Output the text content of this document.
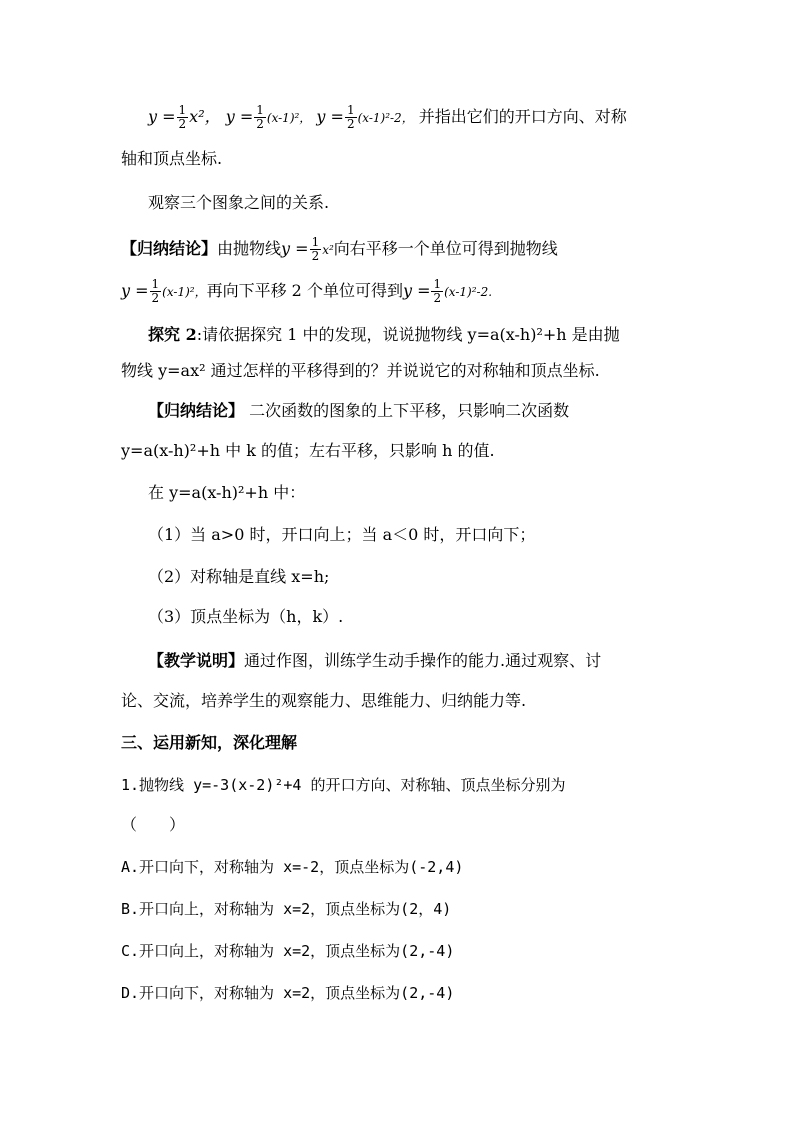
$y = \frac{1}{2} x^2$， $y = \frac{1}{2} (x-1)^2$， $y = \frac{1}{2} (x-1)^2-2$， 并指出它们的开口方向、对称
轴和顶点坐标.
观察三个图象之间的关系.
【归纳结论】由抛物线$y = \frac{1}{2} x^2$向右平移一个单位可得到抛物线
$y = \frac{1}{2} (x-1)^2$，再向下平移 2 个单位可得到$y = \frac{1}{2} (x-1)^2-2$.
探究 2:请依据探究 1 中的发现，说说抛物线 y=a(x-h)²+h 是由抛
物线 y=ax² 通过怎样的平移得到的？并说说它的对称轴和顶点坐标.
【归纳结论】 二次函数的图象的上下平移，只影响二次函数
y=a(x-h)²+h 中 k 的值；左右平移，只影响 h 的值.
在 y=a(x-h)²+h 中：
（1）当 a>0 时，开口向上；当 a＜0 时，开口向下；
（2）对称轴是直线 x=h;
（3）顶点坐标为（h，k）.
【教学说明】通过作图，训练学生动手操作的能力.通过观察、讨
论、交流，培养学生的观察能力、思维能力、归纳能力等.
三、运用新知，深化理解
1.抛物线 y=-3(x-2)²+4 的开口方向、对称轴、顶点坐标分别为
（　　）
A.开口向下，对称轴为 x=-2，顶点坐标为(-2,4)
B.开口向上，对称轴为 x=2，顶点坐标为(2，4)
C.开口向上，对称轴为 x=2，顶点坐标为(2,-4)
D.开口向下，对称轴为 x=2，顶点坐标为(2,-4)
